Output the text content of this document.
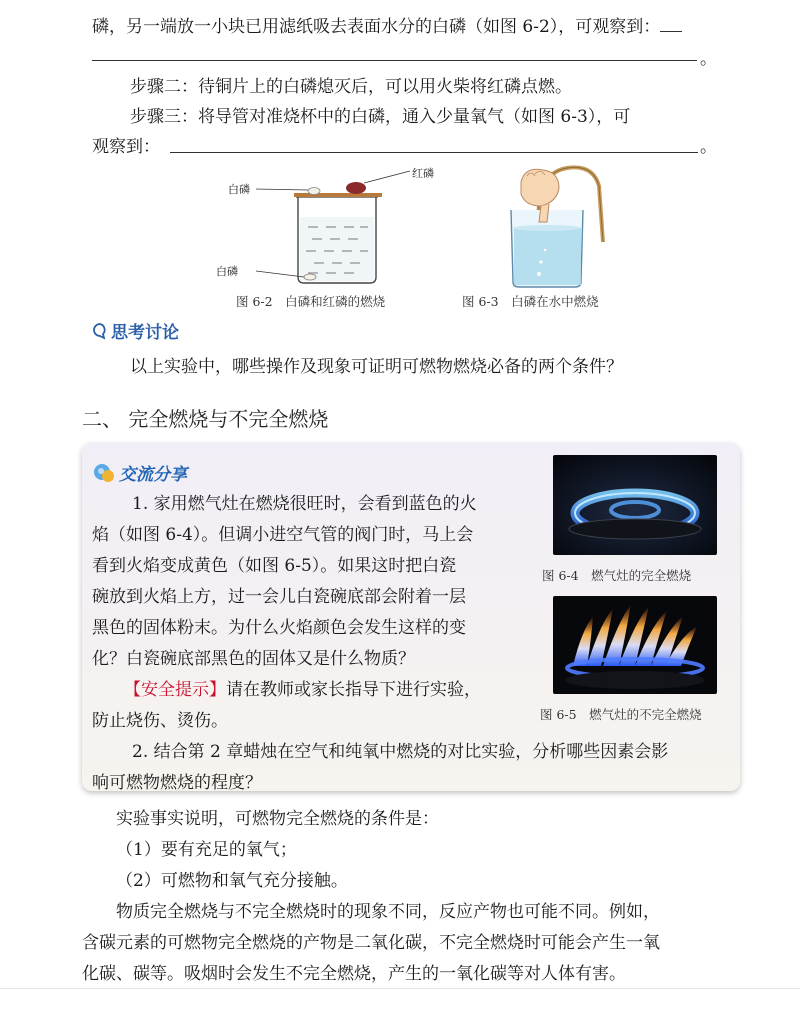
磷，另一端放一小块已用滤纸吸去表面水分的白磷（如图 6-2），可观察到：
。
步骤二：待铜片上的白磷熄灭后，可以用火柴将红磷点燃。
步骤三：将导管对准烧杯中的白磷，通入少量氧气（如图 6-3），可
观察到：	。
白磷
红磷
白磷
图 6-2　白磷和红磷的燃烧	图 6-3　白磷在水中燃烧
思考讨论
以上实验中，哪些操作及现象可证明可燃物燃烧必备的两个条件？
二、 完全燃烧与不完全燃烧
交流分享
1. 家用燃气灶在燃烧很旺时，会看到蓝色的火
焰（如图 6-4）。但调小进空气管的阀门时，马上会
看到火焰变成黄色（如图 6-5）。如果这时把白瓷
碗放到火焰上方，过一会儿白瓷碗底部会附着一层
黑色的固体粉末。为什么火焰颜色会发生这样的变
化？白瓷碗底部黑色的固体又是什么物质？
【安全提示】请在教师或家长指导下进行实验，
防止烧伤、烫伤。
2. 结合第 2 章蜡烛在空气和纯氧中燃烧的对比实验，分析哪些因素会影
响可燃物燃烧的程度？
图 6-4　燃气灶的完全燃烧
图 6-5　燃气灶的不完全燃烧
实验事实说明，可燃物完全燃烧的条件是：
（1）要有充足的氧气；
（2）可燃物和氧气充分接触。
物质完全燃烧与不完全燃烧时的现象不同，反应产物也可能不同。例如，
含碳元素的可燃物完全燃烧的产物是二氧化碳，不完全燃烧时可能会产生一氧
化碳、碳等。吸烟时会发生不完全燃烧，产生的一氧化碳等对人体有害。
